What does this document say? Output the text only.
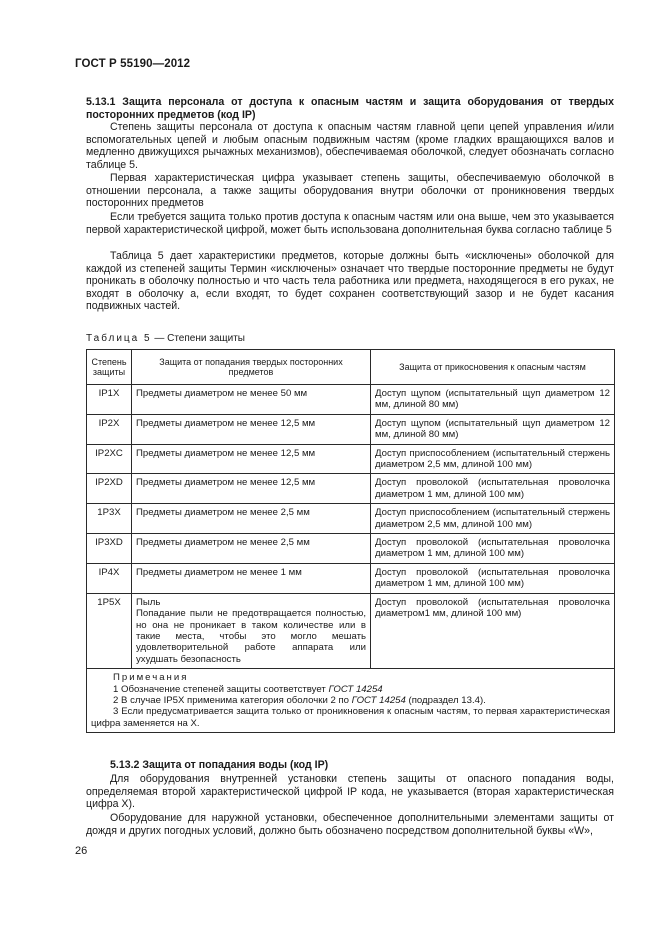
ГОСТ Р 55190—2012

5.13.1 Защита персонала от доступа к опасным частям и защита оборудования от твердых посторонних предметов (код IP)

Степень защиты персонала от доступа к опасным частям главной цепи цепей управления и/или вспомогательных цепей и любым опасным подвижным частям (кроме гладких вращающихся валов и медленно движущихся рычажных механизмов), обеспечиваемая оболочкой, следует обозначать согласно таблице 5.

Первая характеристическая цифра указывает степень защиты, обеспечиваемую оболочкой в отношении персонала, а также защиты оборудования внутри оболочки от проникновения твердых посторонних предметов

Если требуется защита только против доступа к опасным частям или она выше, чем это указывается первой характеристической цифрой, может быть использована дополнительная буква согласно таблице 5

Таблица 5 дает характеристики предметов, которые должны быть «исключены» оболочкой для каждой из степеней защиты Термин «исключены» означает что твердые посторонние предметы не будут проникать в оболочку полностью и что часть тела работника или предмета, находящегося в его руках, не входят в оболочку а, если входят, то будет сохранен соответствующий зазор и не будет касания подвижных частей.

Таблица 5 — Степени защиты
Степень защиты	Защита от попадания твердых посторонних предметов	Защита от прикосновения к опасным частям
IP1X	Предметы диаметром не менее 50 мм	Доступ щупом (испытательный щуп диаметром 12 мм, длиной 80 мм)
IP2X	Предметы диаметром не менее 12,5 мм	Доступ щупом (испытательный щуп диаметром 12 мм, длиной 80 мм)
IP2XC	Предметы диаметром не менее 12,5 мм	Доступ приспособлением (испытательный стержень диаметром 2,5 мм, длиной 100 мм)
IP2XD	Предметы диаметром не менее 12,5 мм	Доступ проволокой (испытательная проволочка диаметром 1 мм, длиной 100 мм)
1P3X	Предметы диаметром не менее 2,5 мм	Доступ приспособлением (испытательный стержень диаметром 2,5 мм, длиной 100 мм)
IP3XD	Предметы диаметром не менее 2,5 мм	Доступ проволокой (испытательная проволочка диаметром 1 мм, длиной 100 мм)
IP4X	Предметы диаметром не менее 1 мм	Доступ проволокой (испытательная проволочка диаметром 1 мм, длиной 100 мм)
1P5X	Пыль
Попадание пыли не предотвращается полностью, но она не проникает в таком количестве или в такие места, чтобы это могло мешать удовлетворительной работе аппарата или ухудшать безопасность	Доступ проволокой (испытательная проволочка диаметром1 мм, длиной 100 мм)

Примечания
1 Обозначение степеней защиты соответствует ГОСТ 14254
2 В случае IP5X применима категория оболочки 2 по ГОСТ 14254 (подраздел 13.4).
3 Если предусматривается защита только от проникновения к опасным частям, то первая характеристическая цифра заменяется на X.		

5.13.2 Защита от попадания воды (код IP)

Для оборудования внутренней установки степень защиты от опасного попадания воды, определяемая второй характеристической цифрой IP кода, не указывается (вторая характеристическая цифра X).

Оборудование для наружной установки, обеспеченное дополнительными элементами защиты от дождя и других погодных условий, должно быть обозначено посредством дополнительной буквы «W»,

26
